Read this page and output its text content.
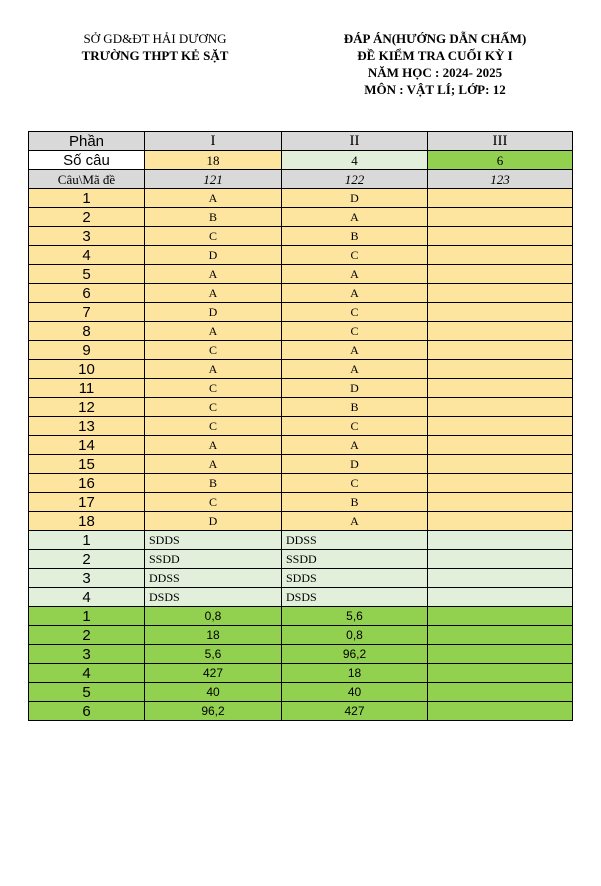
SỞ GD&ĐT HẢI DƯƠNG
TRƯỜNG THPT KẺ SẶT
ĐÁP ÁN(HƯỚNG DẪN CHẤM)
ĐỀ KIỂM TRA CUỐI KỲ I
NĂM HỌC : 2024- 2025
MÔN : VẬT LÍ; LỚP: 12
Phần	I	II	III
Số câu	18	4	6
Câu\Mã đề	121	122	123
1	A	D	
2	B	A	
3	C	B	
4	D	C	
5	A	A	
6	A	A	
7	D	C	
8	A	C	
9	C	A	
10	A	A	
11	C	D	
12	C	B	
13	C	C	
14	A	A	
15	A	D	
16	B	C	
17	C	B	
18	D	A	
1	SDDS	DDSS	
2	SSDD	SSDD	
3	DDSS	SDDS	
4	DSDS	DSDS	
1	0,8	5,6	
2	18	0,8	
3	5,6	96,2	
4	427	18	
5	40	40	
6	96,2	427	
